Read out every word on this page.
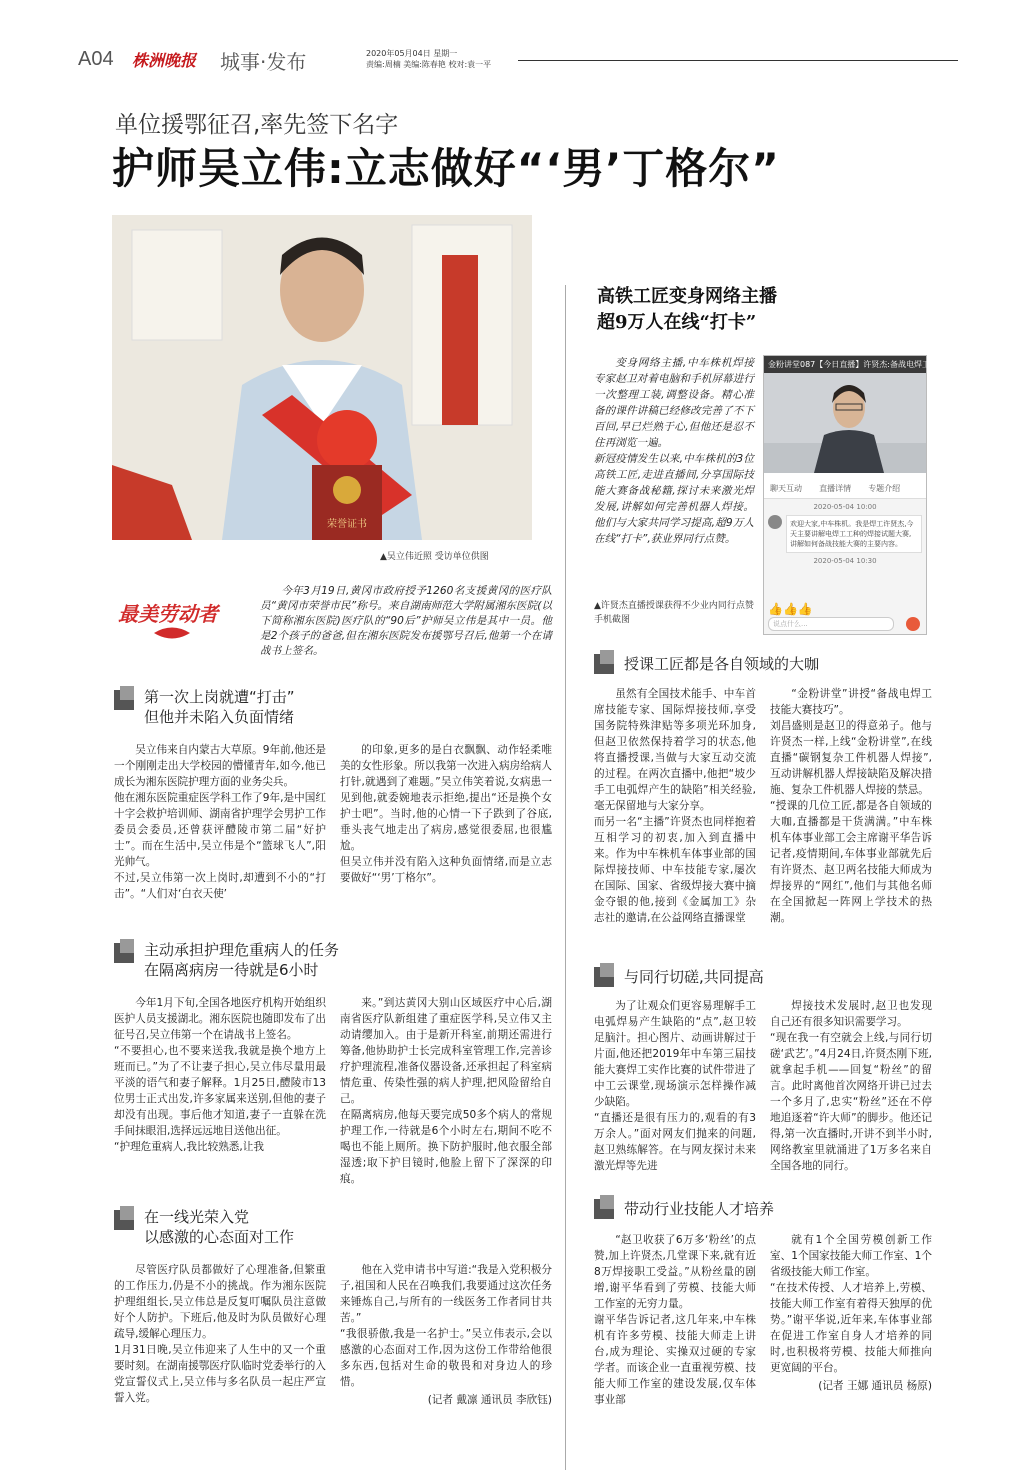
A04 株洲晚报 城事·发布	2020年05月04日 星期一
责编:周楠 美编:陈春艳 校对:袁一平
单位援鄂征召,率先签下名字
护师吴立伟:立志做好“‘男’丁格尔”
荣誉证书
▲吴立伟近照 受访单位供图
最美劳动者

今年3月19日,黄冈市政府授予1260名支援黄冈的医疗队员“黄冈市荣誉市民”称号。来自湖南师范大学附属湘东医院(以下简称湘东医院)医疗队的“90后”护师吴立伟是其中一员。他是2个孩子的爸爸,但在湘东医院发布援鄂号召后,他第一个在请战书上签名。

第一次上岗就遭“打击”
但他并未陷入负面情绪

吴立伟来自内蒙古大草原。9年前,他还是一个刚刚走出大学校园的懵懂青年,如今,他已成长为湘东医院护理方面的业务尖兵。
他在湘东医院重症医学科工作了9年,是中国红十字会救护培训师、湖南省护理学会男护工作委员会委员,还曾获评醴陵市第二届“好护士”。而在生活中,吴立伟是个“篮球飞人”,阳光帅气。
不过,吴立伟第一次上岗时,却遭到不小的“打击”。“人们对‘白衣天使’

的印象,更多的是白衣飘飘、动作轻柔唯美的女性形象。所以我第一次进入病房给病人打针,就遇到了难题。”吴立伟笑着说,女病患一见到他,就委婉地表示拒绝,提出“还是换个女护士吧”。当时,他的心情一下子跌到了谷底,垂头丧气地走出了病房,感觉很委屈,也很尴尬。
但吴立伟并没有陷入这种负面情绪,而是立志要做好“‘男’丁格尔”。

主动承担护理危重病人的任务
在隔离病房一待就是6小时

今年1月下旬,全国各地医疗机构开始组织医护人员支援湖北。湘东医院也随即发布了出征号召,吴立伟第一个在请战书上签名。
“不要担心,也不要来送我,我就是换个地方上班而已。”为了不让妻子担心,吴立伟尽量用最平淡的语气和妻子解释。1月25日,醴陵市13位男士正式出发,许多家属来送别,但他的妻子却没有出现。事后他才知道,妻子一直躲在洗手间抹眼泪,选择远远地目送他出征。
“护理危重病人,我比较熟悉,让我

来。”到达黄冈大别山区域医疗中心后,湖南省医疗队新组建了重症医学科,吴立伟又主动请缨加入。由于是新开科室,前期还需进行筹备,他协助护士长完成科室管理工作,完善诊疗护理流程,准备仪器设备,还承担起了科室病情危重、传染性强的病人护理,把风险留给自己。
在隔离病房,他每天要完成50多个病人的常规护理工作,一待就是6个小时左右,期间不吃不喝也不能上厕所。换下防护服时,他衣服全部湿透;取下护目镜时,他脸上留下了深深的印痕。

在一线光荣入党
以感激的心态面对工作

尽管医疗队员都做好了心理准备,但繁重的工作压力,仍是不小的挑战。作为湘东医院护理组组长,吴立伟总是反复叮嘱队员注意做好个人防护。下班后,他及时为队员做好心理疏导,缓解心理压力。
1月31日晚,吴立伟迎来了人生中的又一个重要时刻。在湖南援鄂医疗队临时党委举行的入党宣誓仪式上,吴立伟与多名队员一起庄严宣誓入党。

他在入党申请书中写道:“我是入党积极分子,祖国和人民在召唤我们,我要通过这次任务来锤炼自己,与所有的一线医务工作者同甘共苦。”
“我很骄傲,我是一名护士。”吴立伟表示,会以感激的心态面对工作,因为这份工作带给他很多东西,包括对生命的敬畏和对身边人的珍惜。

(记者 戴凛 通讯员 李欣钰)

高铁工匠变身网络主播
超9万人在线“打卡”

变身网络主播,中车株机焊接专家赵卫对着电脑和手机屏幕进行一次整理工装,调整设备。精心准备的课件讲稿已经修改完善了不下百回,早已烂熟于心,但他还是忍不住再浏览一遍。
新冠疫情发生以来,中车株机的3位高铁工匠,走进直播间,分享国际技能大赛备战秘籍,探讨未来激光焊发展,讲解如何完善机器人焊接。他们与大家共同学习提高,超9万人在线“打卡”,获业界同行点赞。

金粉讲堂087【今日直播】许贤杰:备战电焊工技...
聊天互动 直播详情 专题介绍
2020-05-04 10:00
欢迎大家,中车株机。我是焊工许贤杰,今天主要讲解电焊工工种的焊接试题大赛,讲解如何备战技能大赛的主要内容。
2020-05-04 10:30
👍👍👍
说点什么...
▲许贤杰直播授课获得不少业内同行点赞 手机截图
授课工匠都是各自领域的大咖

虽然有全国技术能手、中车首席技能专家、国际焊接技师,享受国务院特殊津贴等多项光环加身,但赵卫依然保持着学习的状态,他将直播授课,当做与大家互动交流的过程。在两次直播中,他把“坡少手工电弧焊产生的缺陷”相关经验,毫无保留地与大家分享。
而另一名“主播”许贤杰也同样抱着互相学习的初衷,加入到直播中来。作为中车株机车体事业部的国际焊接技师、中车技能专家,屡次在国际、国家、省级焊接大赛中摘金夺银的他,接到《金属加工》杂志社的邀请,在公益网络直播课堂

“金粉讲堂”讲授“备战电焊工技能大赛技巧”。
刘昌盛则是赵卫的得意弟子。他与许贤杰一样,上线“金粉讲堂”,在线直播“碳钢复杂工件机器人焊接”,互动讲解机器人焊接缺陷及解决措施、复杂工件机器人焊接的禁忌。
“授课的几位工匠,都是各自领域的大咖,直播都是干货满满。”中车株机车体事业部工会主席谢平华告诉记者,疫情期间,车体事业部就先后有许贤杰、赵卫两名技能大师成为焊接界的“网红”,他们与其他名师在全国掀起一阵网上学技术的热潮。

与同行切磋,共同提高

为了让观众们更容易理解手工电弧焊易产生缺陷的“点”,赵卫较足脑汁。担心图片、动画讲解过于片面,他还把2019年中车第三届技能大赛焊工实作比赛的试件带进了中工云课堂,现场演示怎样操作减少缺陷。
“直播还是很有压力的,观看的有3万余人。”面对网友们抛来的问题,赵卫熟练解答。在与网友探讨未来激光焊等先进

焊接技术发展时,赵卫也发现自己还有很多知识需要学习。
“现在我一有空就会上线,与同行切磋‘武艺’。”4月24日,许贤杰刚下班,就拿起手机——回复“粉丝”的留言。此时离他首次网络开讲已过去一个多月了,忠实“粉丝”还在不停地追逐着“许大师”的脚步。他还记得,第一次直播时,开讲不到半小时,网络教室里就涌进了1万多名来自全国各地的同行。

带动行业技能人才培养

“赵卫收获了6万多‘粉丝’的点赞,加上许贤杰,几堂课下来,就有近8万焊接职工受益。”从粉丝量的剧增,谢平华看到了劳模、技能大师工作室的无穷力量。
谢平华告诉记者,这几年来,中车株机有许多劳模、技能大师走上讲台,成为理论、实操双过硬的专家学者。而该企业一直重视劳模、技能大师工作室的建设发展,仅车体事业部

就有1个全国劳模创新工作室、1个国家技能大师工作室、1个省级技能大师工作室。
“在技术传授、人才培养上,劳模、技能大师工作室有着得天独厚的优势。”谢平华说,近年来,车体事业部在促进工作室自身人才培养的同时,也积极将劳模、技能大师推向更宽阔的平台。

(记者 王娜 通讯员 杨原)
